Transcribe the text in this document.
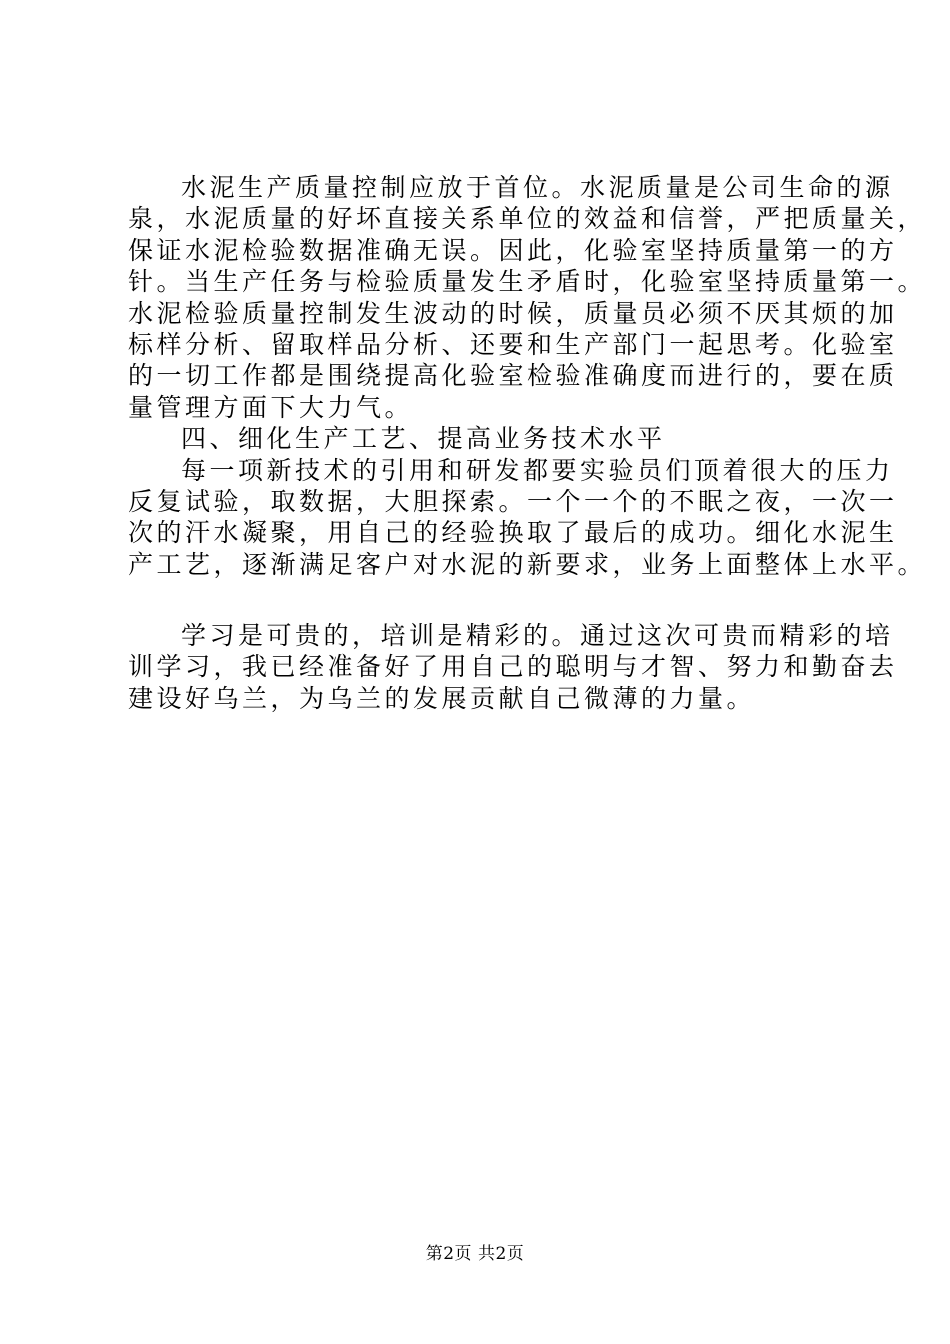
水泥生产质量控制应放于首位。水泥质量是公司生命的源
泉，水泥质量的好坏直接关系单位的效益和信誉，严把质量关，
保证水泥检验数据准确无误。因此，化验室坚持质量第一的方
针。当生产任务与检验质量发生矛盾时，化验室坚持质量第一。
水泥检验质量控制发生波动的时候，质量员必须不厌其烦的加
标样分析、留取样品分析、还要和生产部门一起思考。化验室
的一切工作都是围绕提高化验室检验准确度而进行的，要在质
量管理方面下大力气。
四、细化生产工艺、提高业务技术水平
每一项新技术的引用和研发都要实验员们顶着很大的压力
反复试验，取数据，大胆探索。一个一个的不眠之夜，一次一
次的汗水凝聚，用自己的经验换取了最后的成功。细化水泥生
产工艺，逐渐满足客户对水泥的新要求，业务上面整体上水平。
学习是可贵的，培训是精彩的。通过这次可贵而精彩的培
训学习，我已经准备好了用自己的聪明与才智、努力和勤奋去
建设好乌兰，为乌兰的发展贡献自己微薄的力量。
第2页 共2页
